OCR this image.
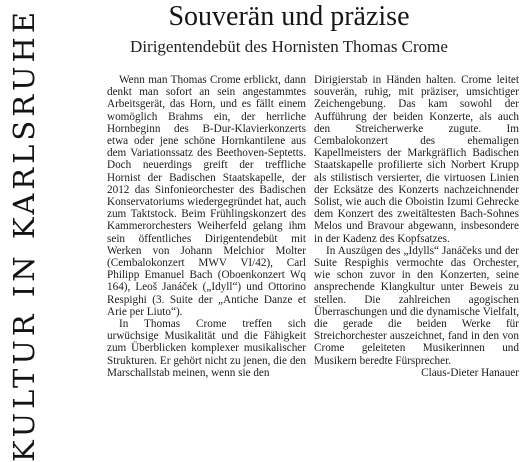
KULTUR IN KARLSRUHE	Souverän und präzise
Dirigentendebüt des Hornisten Thomas Crome

Wenn man Thomas Crome erblickt, dann denkt man sofort an sein angestammtes Arbeitsgerät, das Horn, und es fällt einem womöglich Brahms ein, der herrliche Hornbeginn des B-Dur-Klavierkonzerts etwa oder jene schöne Hornkantilene aus dem Variationssatz des Beethoven-Septetts. Doch neuerdings greift der treffliche Hornist der Badischen Staatskapelle, der 2012 das Sinfonieorchester des Badischen Konservatoriums wiedergegründet hat, auch zum Taktstock. Beim Frühlingskonzert des Kammerorchesters Weiherfeld gelang ihm sein öffentliches Dirigentendebüt mit Werken von Johann Melchior Molter (Cembalokonzert MWV VI/42), Carl Philipp Emanuel Bach (Oboenkonzert Wq 164), Leoš Janáček („Idyll“) und Ottorino Respighi (3. Suite der „Antiche Danze et Arie per Liuto“).

In Thomas Crome treffen sich urwüchsige Musikalität und die Fähigkeit zum Überblicken komplexer musikalischer Strukturen. Er gehört nicht zu jenen, die den Marschallstab meinen, wenn sie den

Dirigierstab in Händen halten. Crome leitet souverän, ruhig, mit präziser, umsichtiger Zeichengebung. Das kam sowohl der Aufführung der beiden Konzerte, als auch den Streicherwerke zugute. Im Cembalokonzert des ehemaligen Kapellmeisters der Markgräflich Badischen Staatskapelle profilierte sich Norbert Krupp als stilistisch versierter, die virtuosen Linien der Ecksätze des Konzerts nachzeichnender Solist, wie auch die Oboistin Izumi Gehrecke dem Konzert des zweitältesten Bach-Sohnes Melos und Bravour abgewann, insbesondere in der Kadenz des Kopfsatzes.

In Auszügen des „Idylls“ Janáčeks und der Suite Respighis vermochte das Orchester, wie schon zuvor in den Konzerten, seine ansprechende Klangkultur unter Beweis zu stellen. Die zahlreichen agogischen Überraschungen und die dynamische Vielfalt, die gerade die beiden Werke für Streichorchester auszeichnet, fand in den von Crome geleiteten Musikerinnen und Musikern beredte Fürsprecher.

Claus-Dieter Hanauer
